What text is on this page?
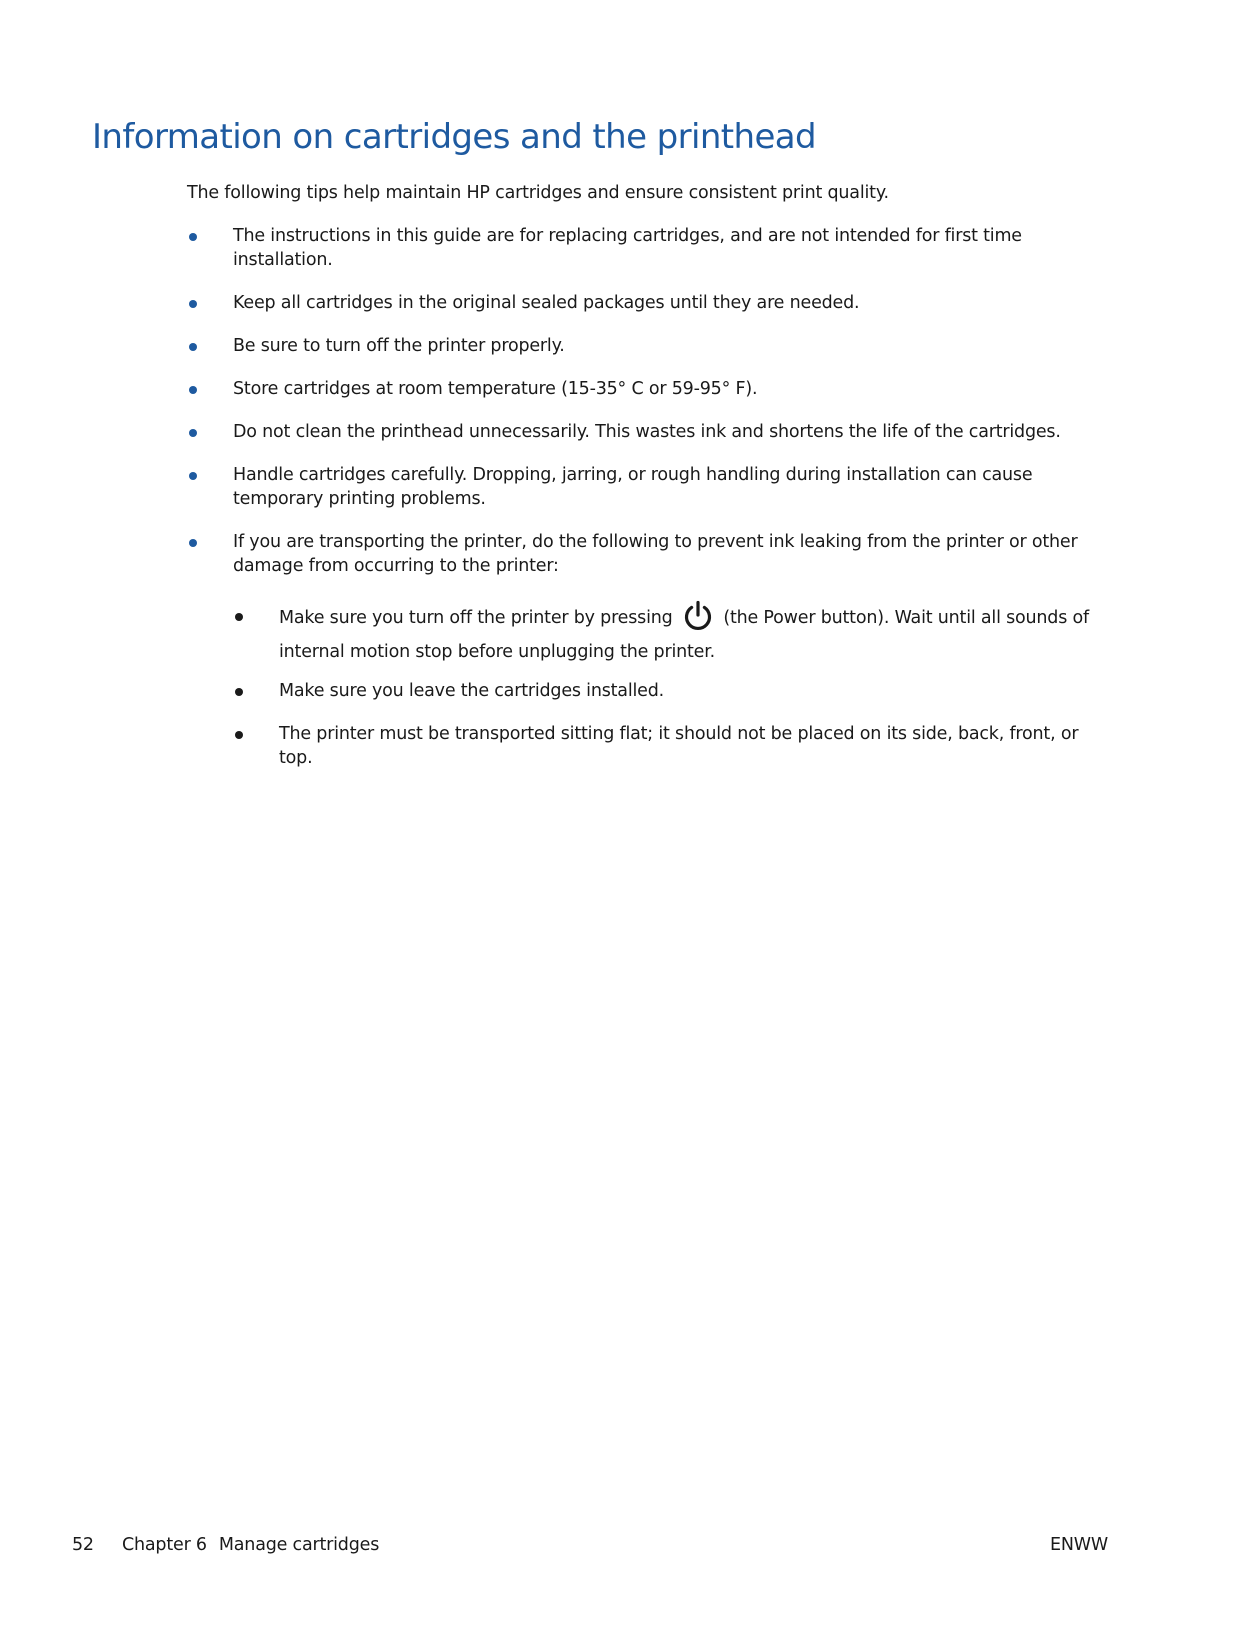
Information on cartridges and the printhead

The following tips help maintain HP cartridges and ensure consistent print quality.

The instructions in this guide are for replacing cartridges, and are not intended for first time installation.
Keep all cartridges in the original sealed packages until they are needed.
Be sure to turn off the printer properly.
Store cartridges at room temperature (15-35° C or 59-95° F).
Do not clean the printhead unnecessarily. This wastes ink and shortens the life of the cartridges.
Handle cartridges carefully. Dropping, jarring, or rough handling during installation can cause temporary printing problems.
If you are transporting the printer, do the following to prevent ink leaking from the printer or other damage from occurring to the printer:
Make sure you turn off the printer by pressing	(the Power button). Wait until all sounds of internal motion stop before unplugging the printer.
Make sure you leave the cartridges installed.
The printer must be transported sitting flat; it should not be placed on its side, back, front, or top.
52 Chapter 6 Manage cartridges	ENWW
